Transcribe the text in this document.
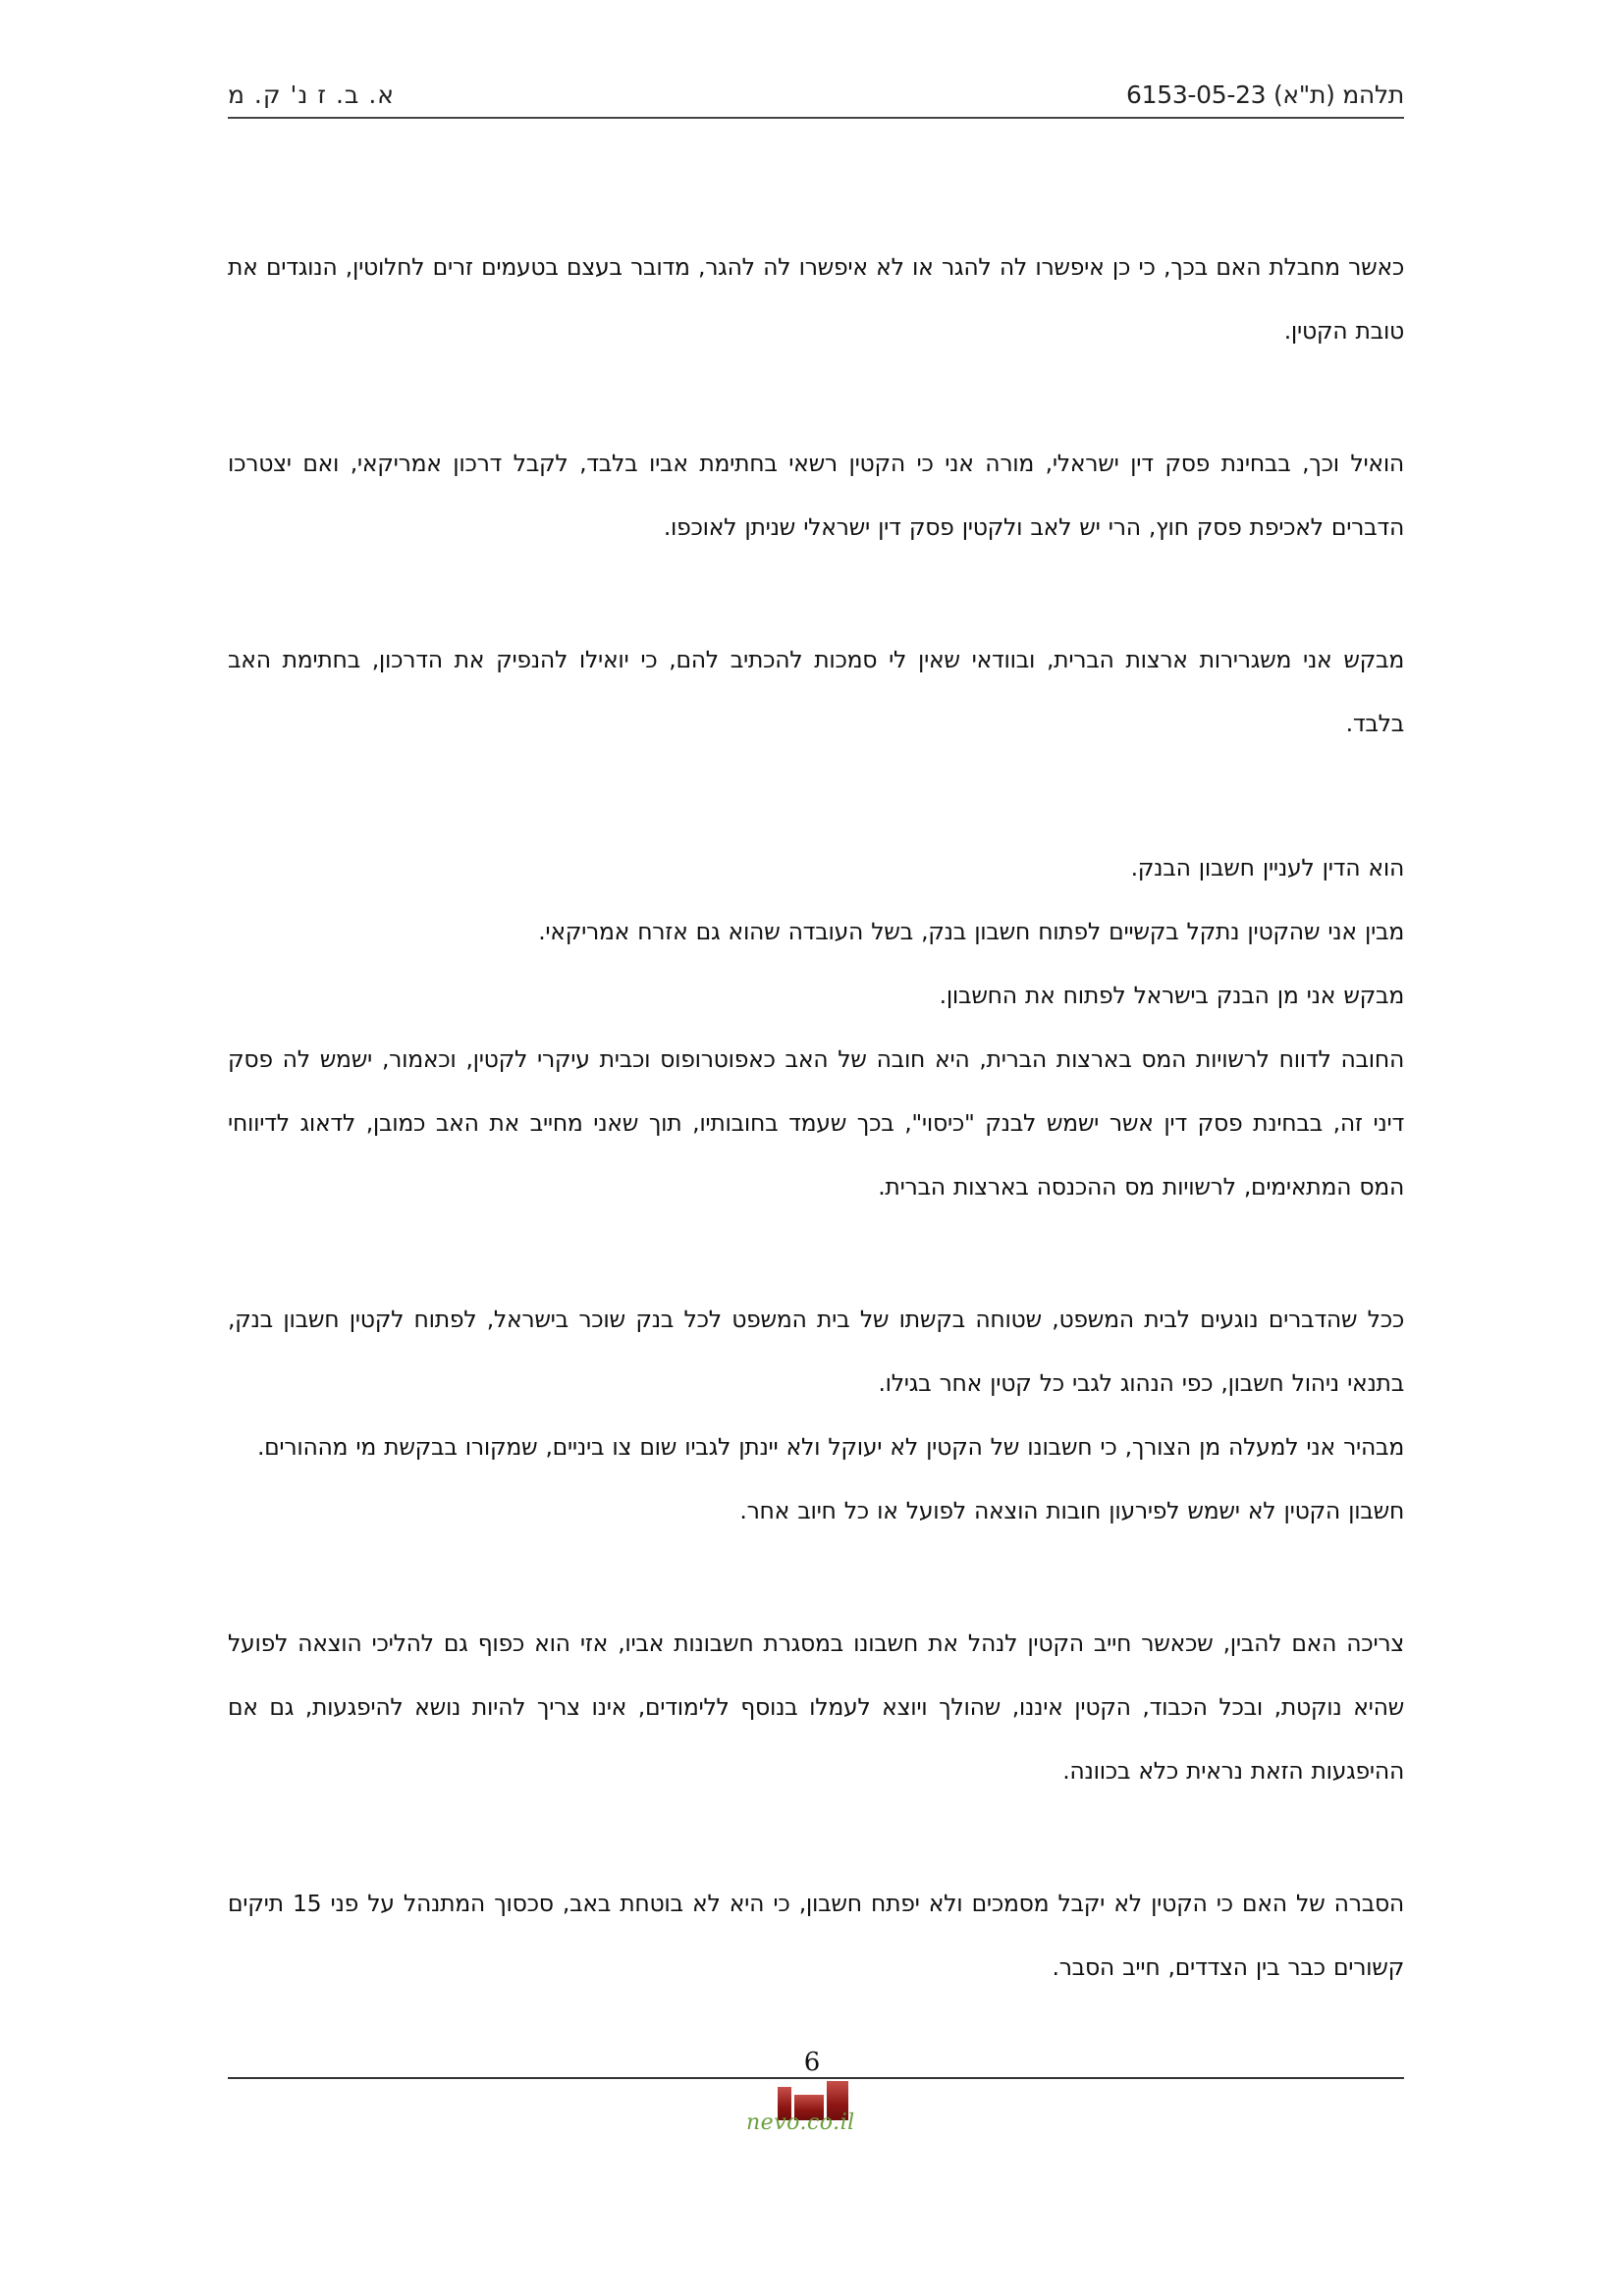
תלהמ (ת"א) 6153-05-23
א. ב. ז נ' ק. מ

כאשר מחבלת האם בכך, כי כן איפשרו לה להגר או לא איפשרו לה להגר, מדובר בעצם בטעמים זרים לחלוטין, הנוגדים את טובת הקטין.

הואיל וכך, בבחינת פסק דין ישראלי, מורה אני כי הקטין רשאי בחתימת אביו בלבד, לקבל דרכון אמריקאי, ואם יצטרכו הדברים לאכיפת פסק חוץ, הרי יש לאב ולקטין פסק דין ישראלי שניתן לאוכפו.

מבקש אני משגרירות ארצות הברית, ובוודאי שאין לי סמכות להכתיב להם, כי יואילו להנפיק את הדרכון, בחתימת האב בלבד.

הוא הדין לעניין חשבון הבנק.

מבין אני שהקטין נתקל בקשיים לפתוח חשבון בנק, בשל העובדה שהוא גם אזרח אמריקאי.

מבקש אני מן הבנק בישראל לפתוח את החשבון.

החובה לדווח לרשויות המס בארצות הברית, היא חובה של האב כאפוטרופוס וכבית עיקרי לקטין, וכאמור, ישמש לה פסק דיני זה, בבחינת פסק דין אשר ישמש לבנק "כיסוי", בכך שעמד בחובותיו, תוך שאני מחייב את האב כמובן, לדאוג לדיווחי המס המתאימים, לרשויות מס ההכנסה בארצות הברית.

ככל שהדברים נוגעים לבית המשפט, שטוחה בקשתו של בית המשפט לכל בנק שוכר בישראל, לפתוח לקטין חשבון בנק, בתנאי ניהול חשבון, כפי הנהוג לגבי כל קטין אחר בגילו.

מבהיר אני למעלה מן הצורך, כי חשבונו של הקטין לא יעוקל ולא יינתן לגביו שום צו ביניים, שמקורו בבקשת מי מההורים.

חשבון הקטין לא ישמש לפירעון חובות הוצאה לפועל או כל חיוב אחר.

צריכה האם להבין, שכאשר חייב הקטין לנהל את חשבונו במסגרת חשבונות אביו, אזי הוא כפוף גם להליכי הוצאה לפועל שהיא נוקטת, ובכל הכבוד, הקטין איננו, שהולך ויוצא לעמלו בנוסף ללימודים, אינו צריך להיות נושא להיפגעות, גם אם ההיפגעות הזאת נראית כלא בכוונה.

הסברה של האם כי הקטין לא יקבל מסמכים ולא יפתח חשבון, כי היא לא בוטחת באב, סכסוך המתנהל על פני 15 תיקים קשורים כבר בין הצדדים, חייב הסבר.

6
nevo.co.il
